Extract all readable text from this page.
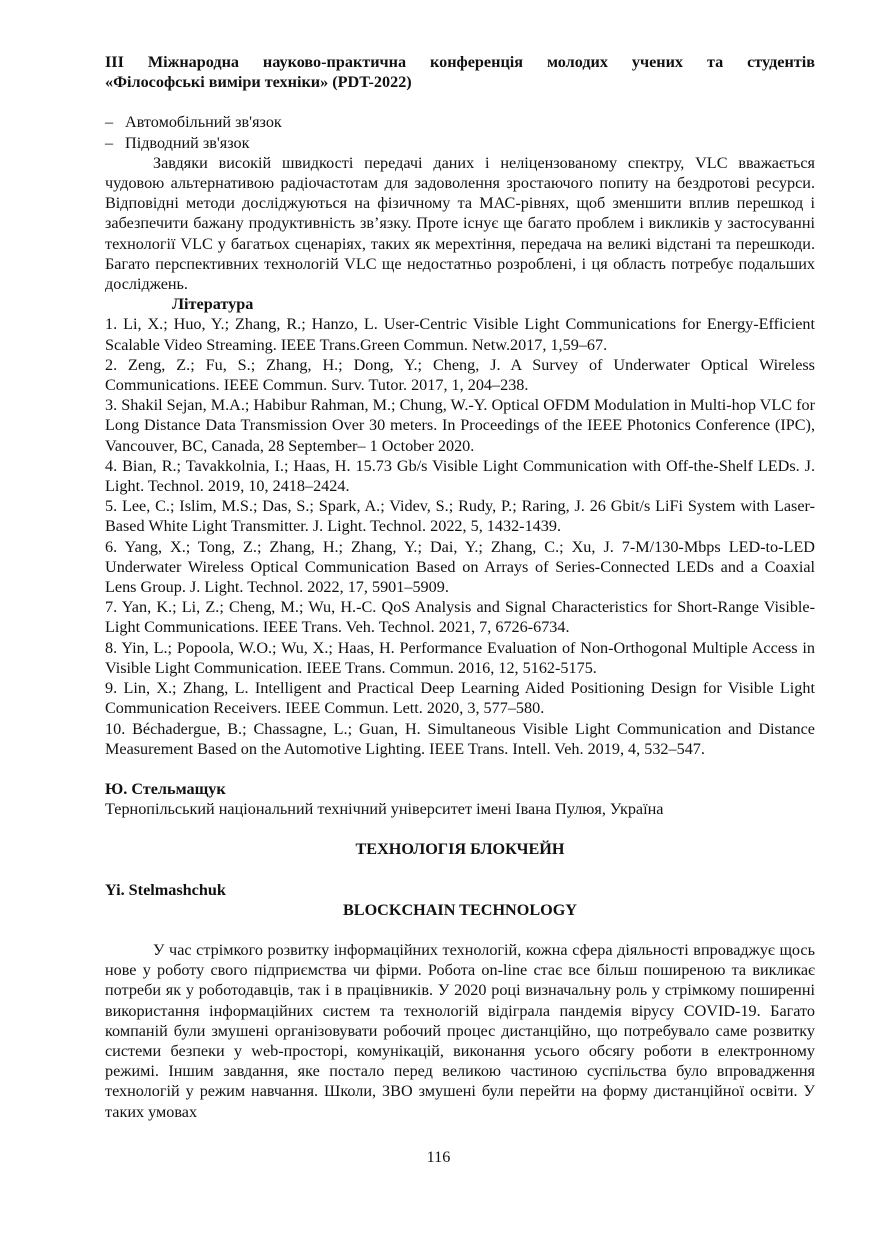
III Міжнародна науково-практична конференція молодих учених та студентів

«Філософські виміри техніки» (PDT-2022)

– Автомобільний зв'язок

– Підводний зв'язок

Завдяки високій швидкості передачі даних і неліцензованому спектру, VLC вважається чудовою альтернативою радіочастотам для задоволення зростаючого попиту на бездротові ресурси. Відповідні методи досліджуються на фізичному та МАС-рівнях, щоб зменшити вплив перешкод і забезпечити бажану продуктивність зв’язку. Проте існує ще багато проблем і викликів у застосуванні технології VLC у багатьох сценаріях, таких як мерехтіння, передача на великі відстані та перешкоди. Багато перспективних технологій VLC ще недостатньо розроблені, і ця область потребує подальших досліджень.

Література

1. Li, X.; Huo, Y.; Zhang, R.; Hanzo, L. User-Centric Visible Light Communications for Energy-Efficient Scalable Video Streaming. IEEE Trans.Green Commun. Netw.2017, 1,59–67.

2. Zeng, Z.; Fu, S.; Zhang, H.; Dong, Y.; Cheng, J. A Survey of Underwater Optical Wireless Communications. IEEE Commun. Surv. Tutor. 2017, 1, 204–238.

3. Shakil Sejan, M.A.; Habibur Rahman, M.; Chung, W.-Y. Optical OFDM Modulation in Multi-hop VLC for Long Distance Data Transmission Over 30 meters. In Proceedings of the IEEE Photonics Conference (IPC), Vancouver, BC, Canada, 28 September– 1 October 2020.

4. Bian, R.; Tavakkolnia, I.; Haas, H. 15.73 Gb/s Visible Light Communication with Off-the-Shelf LEDs. J. Light. Technol. 2019, 10, 2418–2424.

5. Lee, C.; Islim, M.S.; Das, S.; Spark, A.; Videv, S.; Rudy, P.; Raring, J. 26 Gbit/s LiFi System with Laser-Based White Light Transmitter. J. Light. Technol. 2022, 5, 1432-1439.

6. Yang, X.; Tong, Z.; Zhang, H.; Zhang, Y.; Dai, Y.; Zhang, C.; Xu, J. 7-M/130-Mbps LED-to-LED Underwater Wireless Optical Communication Based on Arrays of Series-Connected LEDs and a Coaxial Lens Group. J. Light. Technol. 2022, 17, 5901–5909.

7. Yan, K.; Li, Z.; Cheng, M.; Wu, H.-C. QoS Analysis and Signal Characteristics for Short-Range Visible-Light Communications. IEEE Trans. Veh. Technol. 2021, 7, 6726-6734.

8. Yin, L.; Popoola, W.O.; Wu, X.; Haas, H. Performance Evaluation of Non-Orthogonal Multiple Access in Visible Light Communication. IEEE Trans. Commun. 2016, 12, 5162-5175.

9. Lin, X.; Zhang, L. Intelligent and Practical Deep Learning Aided Positioning Design for Visible Light Communication Receivers. IEEE Commun. Lett. 2020, 3, 577–580.

10. Béchadergue, B.; Chassagne, L.; Guan, H. Simultaneous Visible Light Communication and Distance Measurement Based on the Automotive Lighting. IEEE Trans. Intell. Veh. 2019, 4, 532–547.

Ю. Стельмащук

Тернопільський національний технічний університет імені Івана Пулюя, Україна

ТЕХНОЛОГІЯ БЛОКЧЕЙН

Yi. Stelmashchuk

BLOCKCHAIN TECHNOLOGY

У час стрімкого розвитку інформаційних технологій, кожна сфера діяльності впроваджує щось нове у роботу свого підприємства чи фірми. Робота on-line стає все більш поширеною та викликає потреби як у роботодавців, так і в працівників. У 2020 році визначальну роль у стрімкому поширенні використання інформаційних систем та технологій відіграла пандемія вірусу COVID-19. Багато компаній були змушені організовувати робочий процес дистанційно, що потребувало саме розвитку системи безпеки у web-просторі, комунікацій, виконання усього обсягу роботи в електронному режимі. Іншим завдання, яке постало перед великою частиною суспільства було впровадження технологій у режим навчання. Школи, ЗВО змушені були перейти на форму дистанційної освіти. У таких умовах

116
